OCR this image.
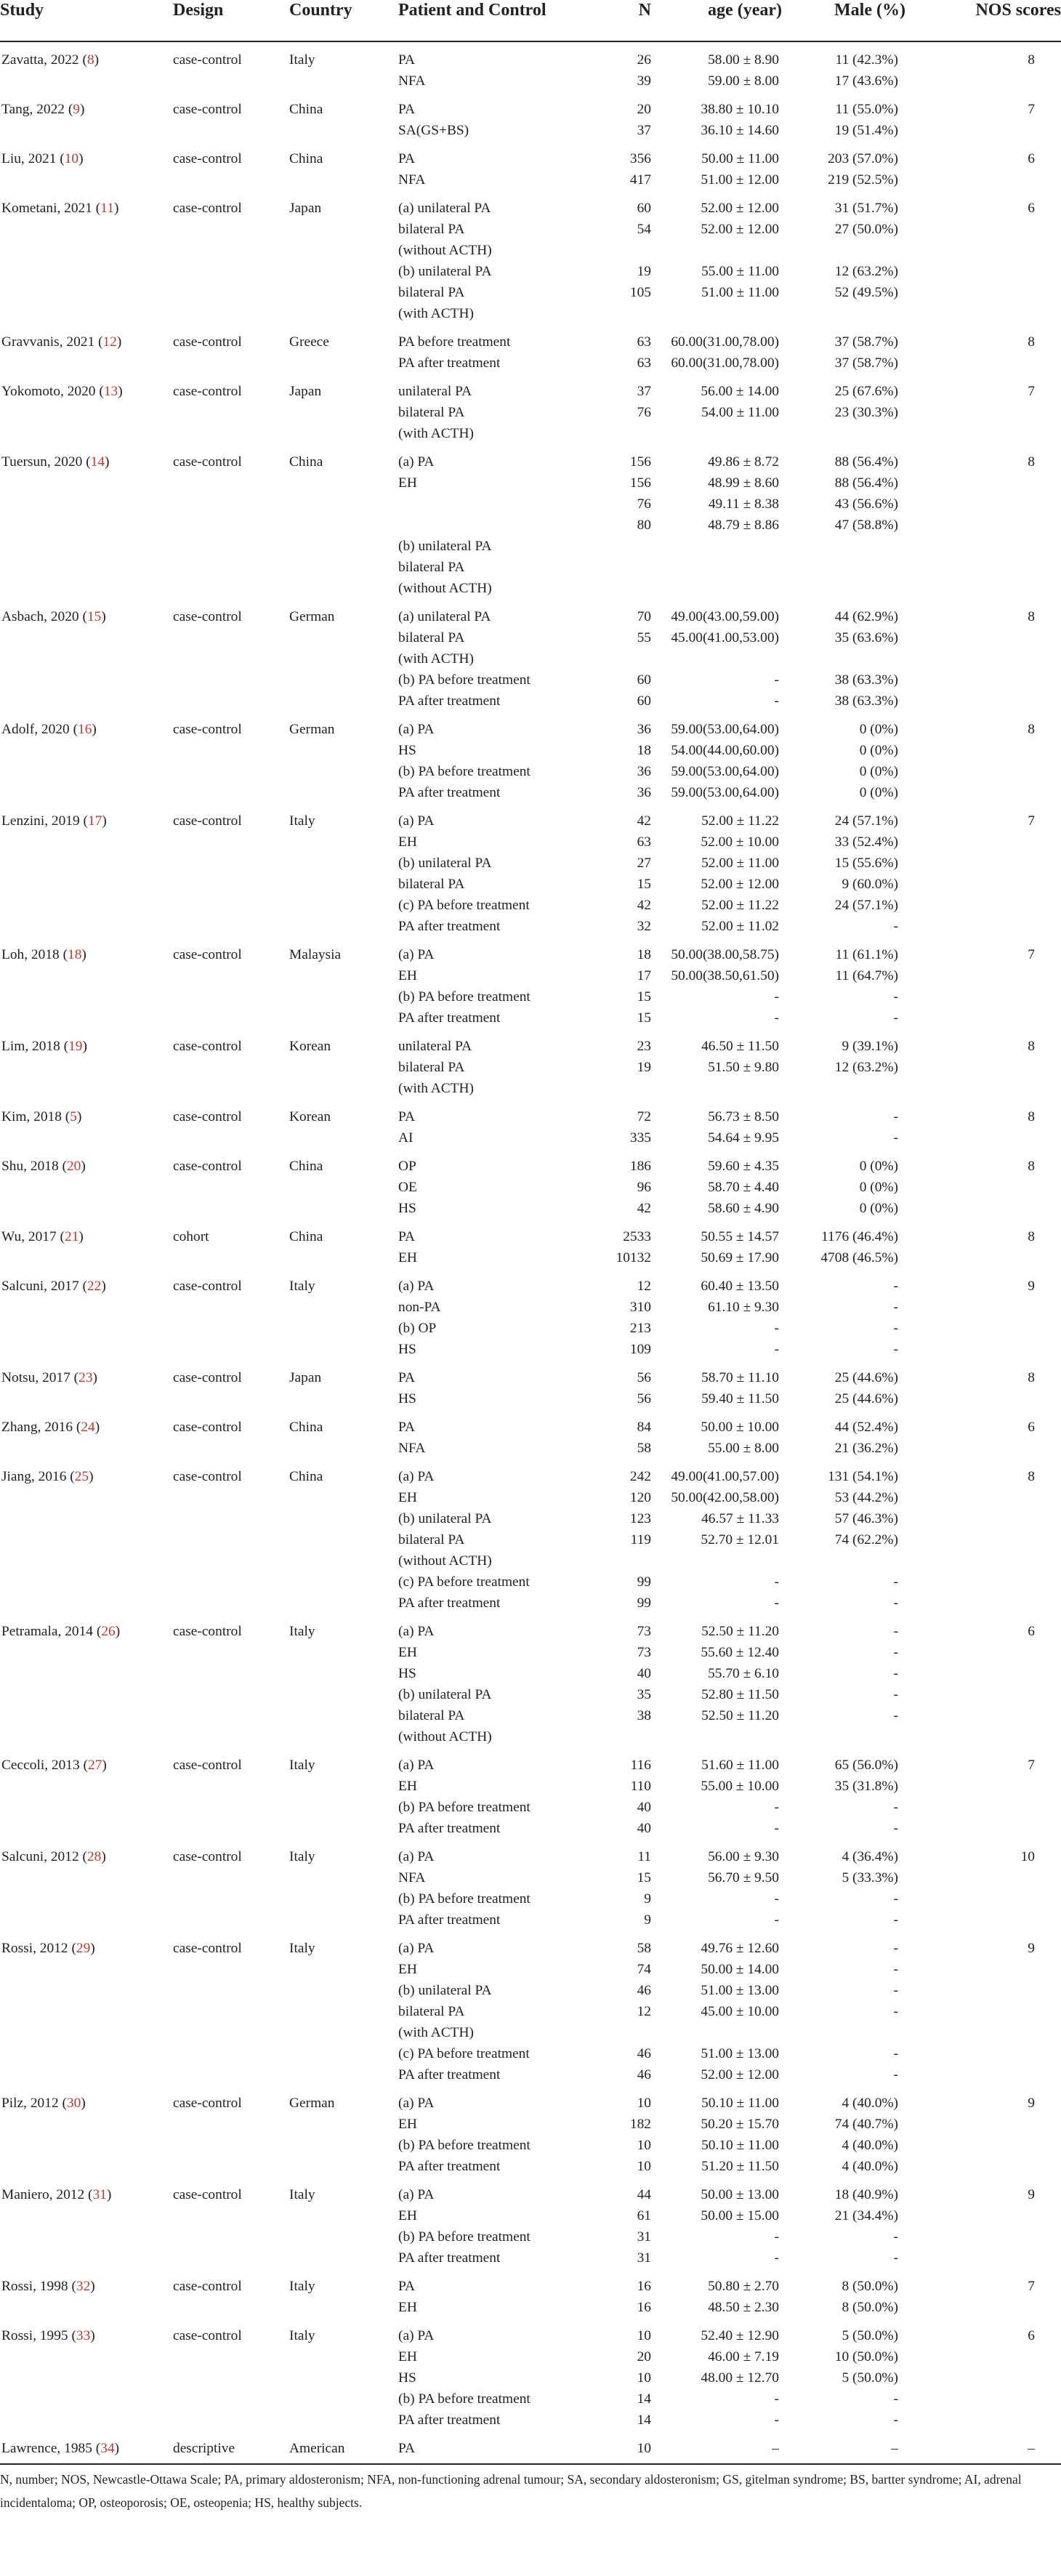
Study	Design	Country	Patient and Control	N	age (year)	Male (%)	NOS scores
Zavatta, 2022 (8)	case-control	Italy	PA	26	58.00 ± 8.90	11 (42.3%)	8
			NFA	39	59.00 ± 8.00	17 (43.6%)	
Tang, 2022 (9)	case-control	China	PA	20	38.80 ± 10.10	11 (55.0%)	7
			SA(GS+BS)	37	36.10 ± 14.60	19 (51.4%)	
Liu, 2021 (10)	case-control	China	PA	356	50.00 ± 11.00	203 (57.0%)	6
			NFA	417	51.00 ± 12.00	219 (52.5%)	
Kometani, 2021 (11)	case-control	Japan	(a) unilateral PA	60	52.00 ± 12.00	31 (51.7%)	6
			bilateral PA	54	52.00 ± 12.00	27 (50.0%)	
			(without ACTH)				

			(b) unilateral PA	19	55.00 ± 11.00	12 (63.2%)	
			bilateral PA	105	51.00 ± 11.00	52 (49.5%)	
			(with ACTH)				
Gravvanis, 2021 (12)	case-control	Greece	PA before treatment	63	60.00(31.00,78.00)	37 (58.7%)	8
			PA after treatment	63	60.00(31.00,78.00)	37 (58.7%)	
Yokomoto, 2020 (13)	case-control	Japan	unilateral PA	37	56.00 ± 14.00	25 (67.6%)	7
			bilateral PA	76	54.00 ± 11.00	23 (30.3%)	
			(with ACTH)				
Tuersun, 2020 (14)	case-control	China	(a) PA	156	49.86 ± 8.72	88 (56.4%)	8
			EH	156	48.99 ± 8.60	88 (56.4%)	

				76	49.11 ± 8.38	43 (56.6%)	
				80	48.79 ± 8.86	47 (58.8%)	

			(b) unilateral PA				
			bilateral PA				
			(without ACTH)				
Asbach, 2020 (15)	case-control	German	(a) unilateral PA	70	49.00(43.00,59.00)	44 (62.9%)	8
			bilateral PA	55	45.00(41.00,53.00)	35 (63.6%)	
			(with ACTH)				
			(b) PA before treatment	60	-	38 (63.3%)	
			PA after treatment	60	-	38 (63.3%)	
Adolf, 2020 (16)	case-control	German	(a) PA	36	59.00(53.00,64.00)	0 (0%)	8
			HS	18	54.00(44.00,60.00)	0 (0%)	

			(b) PA before treatment	36	59.00(53.00,64.00)	0 (0%)	
			PA after treatment	36	59.00(53.00,64.00)	0 (0%)	
Lenzini, 2019 (17)	case-control	Italy	(a) PA	42	52.00 ± 11.22	24 (57.1%)	7
			EH	63	52.00 ± 10.00	33 (52.4%)	
			(b) unilateral PA	27	52.00 ± 11.00	15 (55.6%)	
			bilateral PA	15	52.00 ± 12.00	9 (60.0%)	
			(c) PA before treatment	42	52.00 ± 11.22	24 (57.1%)	
			PA after treatment	32	52.00 ± 11.02	-	
Loh, 2018 (18)	case-control	Malaysia	(a) PA	18	50.00(38.00,58.75)	11 (61.1%)	7
			EH	17	50.00(38.50,61.50)	11 (64.7%)	
			(b) PA before treatment	15	-	-	
			PA after treatment	15	-	-	
Lim, 2018 (19)	case-control	Korean	unilateral PA	23	46.50 ± 11.50	9 (39.1%)	8
			bilateral PA	19	51.50 ± 9.80	12 (63.2%)	
			(with ACTH)				
Kim, 2018 (5)	case-control	Korean	PA	72	56.73 ± 8.50	-	8
			AI	335	54.64 ± 9.95	-	
Shu, 2018 (20)	case-control	China	OP	186	59.60 ± 4.35	0 (0%)	8
			OE	96	58.70 ± 4.40	0 (0%)	
			HS	42	58.60 ± 4.90	0 (0%)	
Wu, 2017 (21)	cohort	China	PA	2533	50.55 ± 14.57	1176 (46.4%)	8
			EH	10132	50.69 ± 17.90	4708 (46.5%)	
Salcuni, 2017 (22)	case-control	Italy	(a) PA	12	60.40 ± 13.50	-	9
			non-PA	310	61.10 ± 9.30	-	
			(b) OP	213	-	-	
			HS	109	-	-	
Notsu, 2017 (23)	case-control	Japan	PA	56	58.70 ± 11.10	25 (44.6%)	8
			HS	56	59.40 ± 11.50	25 (44.6%)	
Zhang, 2016 (24)	case-control	China	PA	84	50.00 ± 10.00	44 (52.4%)	6
			NFA	58	55.00 ± 8.00	21 (36.2%)	
Jiang, 2016 (25)	case-control	China	(a) PA	242	49.00(41.00,57.00)	131 (54.1%)	8
			EH	120	50.00(42.00,58.00)	53 (44.2%)	
			(b) unilateral PA	123	46.57 ± 11.33	57 (46.3%)	
			bilateral PA	119	52.70 ± 12.01	74 (62.2%)	
			(without ACTH)				
			(c) PA before treatment	99	-	-	
			PA after treatment	99	-	-	
Petramala, 2014 (26)	case-control	Italy	(a) PA	73	52.50 ± 11.20	-	6
			EH	73	55.60 ± 12.40	-	
			HS	40	55.70 ± 6.10	-	
			(b) unilateral PA	35	52.80 ± 11.50	-	
			bilateral PA	38	52.50 ± 11.20	-	
			(without ACTH)				
Ceccoli, 2013 (27)	case-control	Italy	(a) PA	116	51.60 ± 11.00	65 (56.0%)	7
			EH	110	55.00 ± 10.00	35 (31.8%)	
			(b) PA before treatment	40	-	-	
			PA after treatment	40	-	-	
Salcuni, 2012 (28)	case-control	Italy	(a) PA	11	56.00 ± 9.30	4 (36.4%)	10
			NFA	15	56.70 ± 9.50	5 (33.3%)	
			(b) PA before treatment	9	-	-	
			PA after treatment	9	-	-	
Rossi, 2012 (29)	case-control	Italy	(a) PA	58	49.76 ± 12.60	-	9
			EH	74	50.00 ± 14.00	-	
			(b) unilateral PA	46	51.00 ± 13.00	-	
			bilateral PA	12	45.00 ± 10.00	-	
			(with ACTH)				
			(c) PA before treatment	46	51.00 ± 13.00	-	
			PA after treatment	46	52.00 ± 12.00	-	
Pilz, 2012 (30)	case-control	German	(a) PA	10	50.10 ± 11.00	4 (40.0%)	9
			EH	182	50.20 ± 15.70	74 (40.7%)	
			(b) PA before treatment	10	50.10 ± 11.00	4 (40.0%)	
			PA after treatment	10	51.20 ± 11.50	4 (40.0%)	
Maniero, 2012 (31)	case-control	Italy	(a) PA	44	50.00 ± 13.00	18 (40.9%)	9
			EH	61	50.00 ± 15.00	21 (34.4%)	
			(b) PA before treatment	31	-	-	
			PA after treatment	31	-	-	
Rossi, 1998 (32)	case-control	Italy	PA	16	50.80 ± 2.70	8 (50.0%)	7
			EH	16	48.50 ± 2.30	8 (50.0%)	
Rossi, 1995 (33)	case-control	Italy	(a) PA	10	52.40 ± 12.90	5 (50.0%)	6
			EH	20	46.00 ± 7.19	10 (50.0%)	
			HS	10	48.00 ± 12.70	5 (50.0%)	

			(b) PA before treatment	14	-	-	
			PA after treatment	14	-	-	
Lawrence, 1985 (34)	descriptive	American	PA	10	–	–	–
N, number; NOS, Newcastle-Ottawa Scale; PA, primary aldosteronism; NFA, non-functioning adrenal tumour; SA, secondary aldosteronism; GS, gitelman syndrome; BS, bartter syndrome; AI, adrenal incidentaloma; OP, osteoporosis; OE, osteopenia; HS, healthy subjects.
